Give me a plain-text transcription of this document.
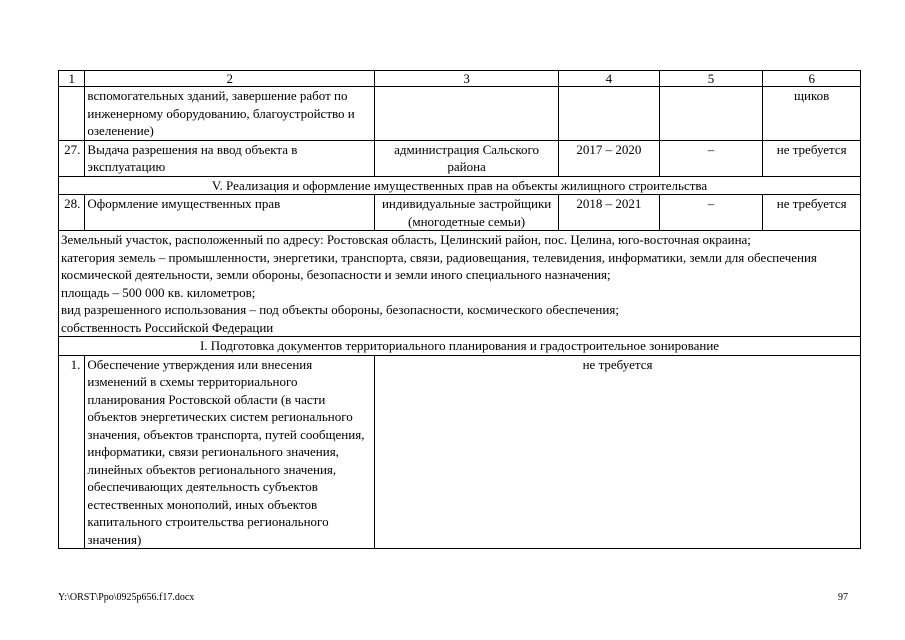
1	2	3	4	5	6
	вспомогательных зданий, завершение работ по инженерному оборудованию, благоустройство и озеленение)				щиков
27.	Выдача разрешения на ввод объекта в эксплуатацию	администрация Сальского района	2017 – 2020	–	не требуется
V. Реализация и оформление имущественных прав на объекты жилищного строительства					
28.	Оформление имущественных прав	индивидуальные застройщики (многодетные семьи)	2018 – 2021	–	не требуется

Земельный участок, расположенный по адресу: Ростовская область, Целинский район, пос. Целина, юго-восточная окраина;
категория земель – промышленности, энергетики, транспорта, связи, радиовещания, телевидения, информатики, земли для обеспечения космической деятельности, земли обороны, безопасности и земли иного специального назначения;
площадь – 500 000 кв. километров;
вид разрешенного использования – под объекты обороны, безопасности, космического обеспечения;
собственность Российской Федерации					

I. Подготовка документов территориального планирования и градостроительное зонирование					
1.	Обеспечение утверждения или внесения изменений в схемы территориального планирования Ростовской области (в части объектов энергетических систем регионального значения, объектов транспорта, путей сообщения, информатики, связи регионального значения, линейных объектов регионального значения, обеспечивающих деятельность субъектов естественных монополий, иных объектов капитального строительства регионального значения)	не требуется			
Y:\ORST\Ppo\0925p656.f17.docx	97
